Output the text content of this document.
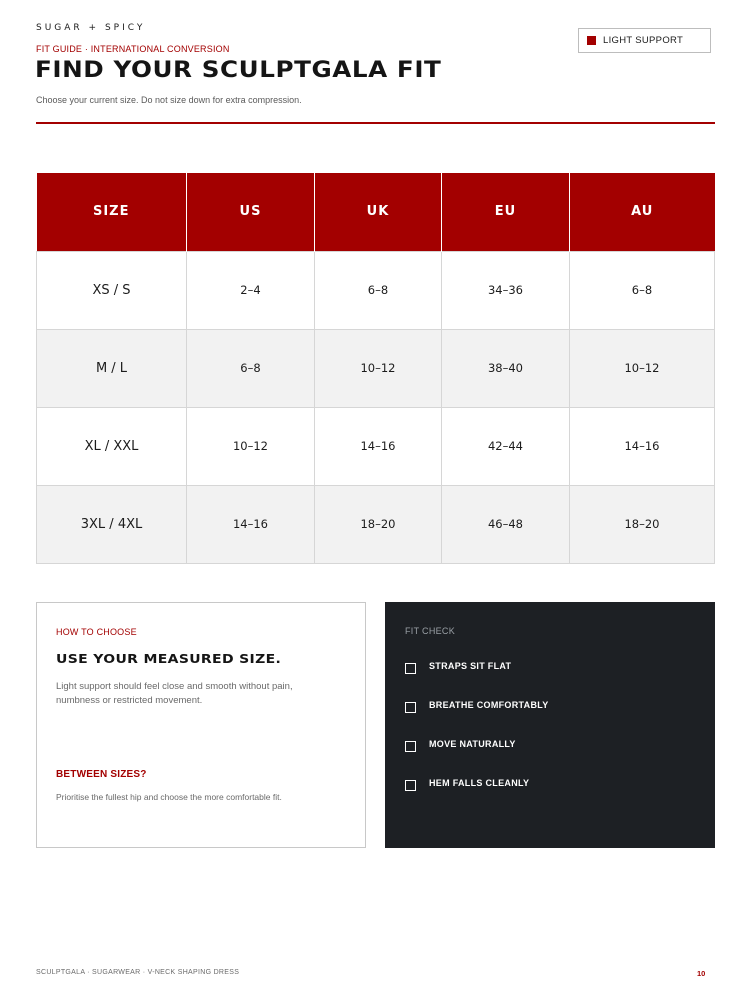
SUGAR + SPICY
FIT GUIDE · INTERNATIONAL CONVERSION
FIND YOUR SCULPTGALA FIT
Choose your current size. Do not size down for extra compression.
LIGHT SUPPORT
SIZE	US	UK	EU	AU
XS / S	2–4	6–8	34–36	6–8
M / L	6–8	10–12	38–40	10–12
XL / XXL	10–12	14–16	42–44	14–16
3XL / 4XL	14–16	18–20	46–48	18–20
HOW TO CHOOSE
USE YOUR MEASURED SIZE.
Light support should feel close and smooth without pain, numbness or restricted movement.
BETWEEN SIZES?
Prioritise the fullest hip and choose the more comfortable fit.
FIT CHECK
STRAPS SIT FLAT
BREATHE COMFORTABLY
MOVE NATURALLY
HEM FALLS CLEANLY
SCULPTGALA · SUGARWEAR · V-NECK SHAPING DRESS	10
